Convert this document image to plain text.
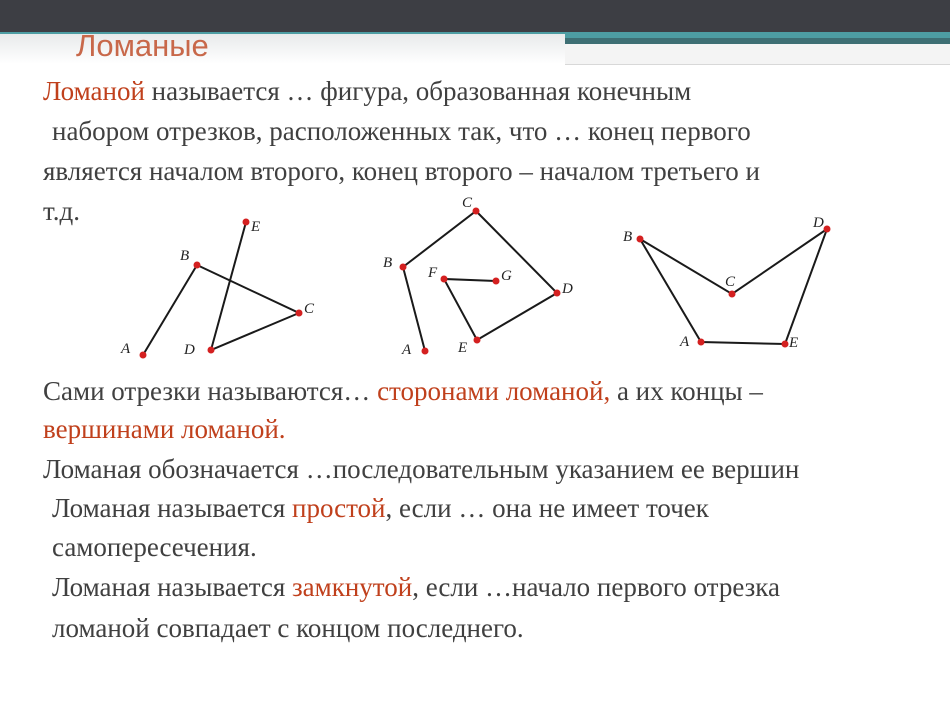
Ломаные

Ломаной называется … фигура, образованная конечным

набором отрезков, расположенных так, что … конец первого

является началом второго, конец второго – началом третьего и

т.д.

A
B
C
D
E
A
B
C
D
E
F	G
A
B
C
D
E

Сами отрезки называются… сторонами ломаной, а их концы –

вершинами ломаной.

Ломаная обозначается …последовательным указанием ее вершин

Ломаная называется простой, если … она не имеет точек

самопересечения.

Ломаная называется замкнутой, если …начало первого отрезка

ломаной совпадает с концом последнего.
